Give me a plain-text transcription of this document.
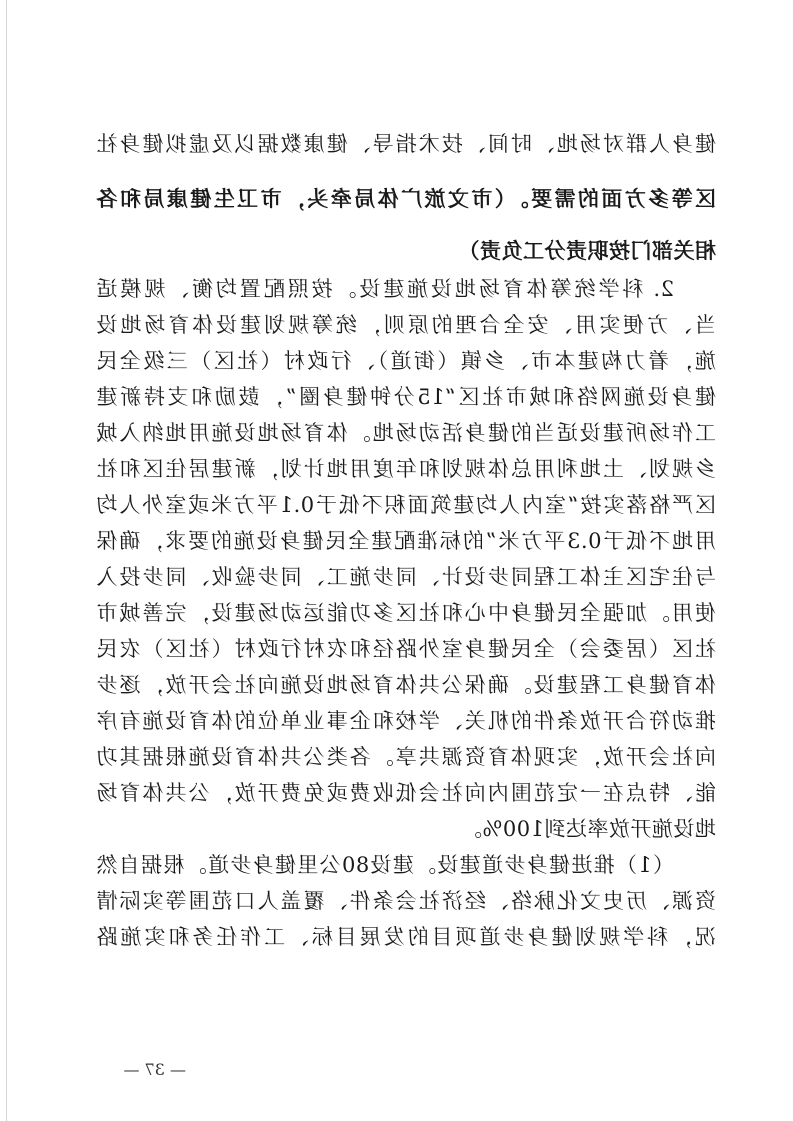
健身人群对场地、时间、技术指导、健康数据以及虚拟健身社
区等多方面的需要。（市文旅广体局牵头，市卫生健康局和各
相关部门按职责分工负责）
2. 科学统筹体育场地设施建设。按照配置均衡、规模适
当、方便实用、安全合理的原则，统筹规划建设体育场地设
施，着力构建本市、乡镇（街道）、行政村（社区）三级全民
健身设施网络和城市社区“15分钟健身圈”，鼓励和支持新建
工作场所建设适当的健身活动场地。体育场地设施用地纳入城
乡规划、土地利用总体规划和年度用地计划，新建居住区和社
区严格落实按“室内人均建筑面积不低于0.1平方米或室外人均
用地不低于0.3平方米”的标准配建全民健身设施的要求，确保
与住宅区主体工程同步设计、同步施工、同步验收、同步投入
使用。加强全民健身中心和社区多功能运动场建设，完善城市
社区（居委会）全民健身室外路径和农村行政村（社区）农民
体育健身工程建设。确保公共体育场地设施向社会开放，逐步
推动符合开放条件的机关、学校和企事业单位的体育设施有序
向社会开放，实现体育资源共享。各类公共体育设施根据其功
能、特点在一定范围内向社会低收费或免费开放，公共体育场
地设施开放率达到100%。
（1）推进健身步道建设。建设80公里健身步道。根据自然
资源、历史文化脉络、经济社会条件、覆盖人口范围等实际情
况，科学规划健身步道项目的发展目标、工作任务和实施路
— 37 —
